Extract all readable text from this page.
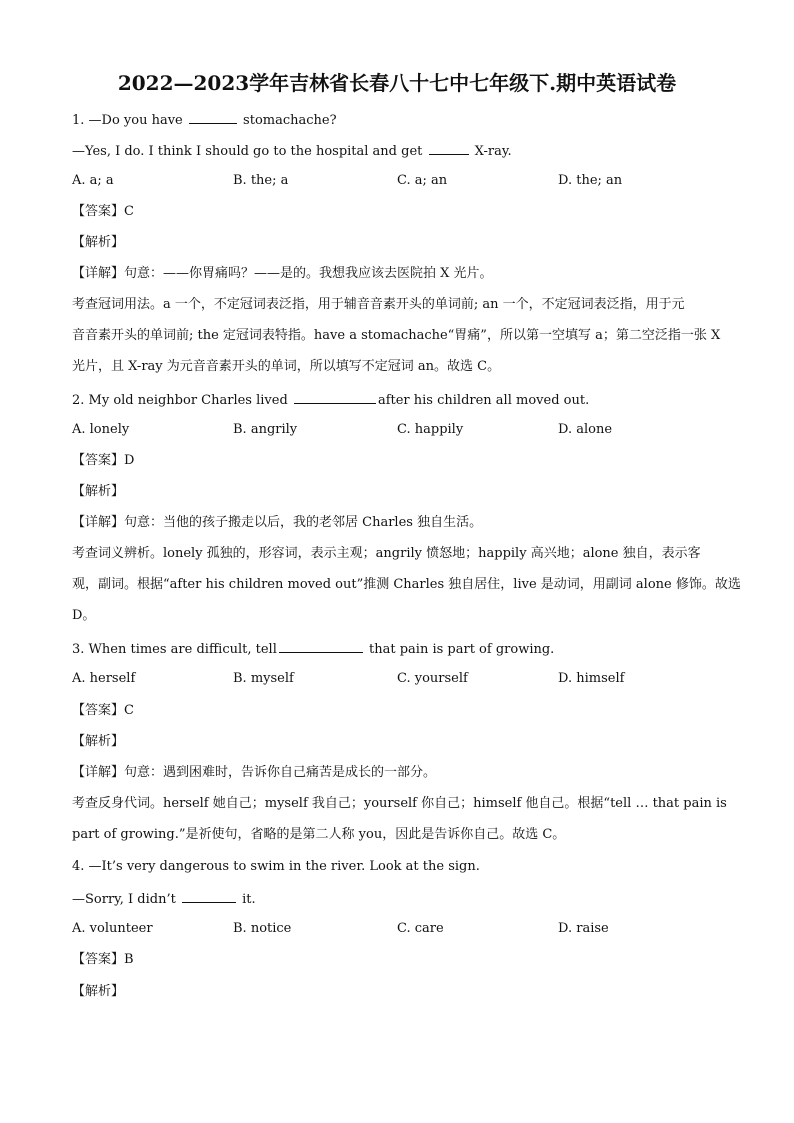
2022—2023学年吉林省长春八十七中七年级下.期中英语试卷
1. —Do you have	stomachache?
—Yes, I do. I think I should go to the hospital and get	X-ray.
A. a; a	B. the; a	C. a; an	D. the; an
【答案】C
【解析】
【详解】句意：——你胃痛吗？——是的。我想我应该去医院拍 X 光片。
考查冠词用法。a 一个，不定冠词表泛指，用于辅音音素开头的单词前; an 一个，不定冠词表泛指，用于元
音音素开头的单词前; the 定冠词表特指。have a stomachache“胃痛”，所以第一空填写 a；第二空泛指一张 X
光片，且 X-ray 为元音音素开头的单词，所以填写不定冠词 an。故选 C。
2. My old neighbor Charles lived	after his children all moved out.
A. lonely	B. angrily	C. happily	D. alone
【答案】D
【解析】
【详解】句意：当他的孩子搬走以后，我的老邻居 Charles 独自生活。
考查词义辨析。lonely 孤独的，形容词，表示主观；angrily 愤怒地；happily 高兴地；alone 独自，表示客
观，副词。根据“after his children moved out”推测 Charles 独自居住，live 是动词，用副词 alone 修饰。故选
D。
3. When times are difficult, tell	that pain is part of growing.
A. herself	B. myself	C. yourself	D. himself
【答案】C
【解析】
【详解】句意：遇到困难时，告诉你自己痛苦是成长的一部分。
考查反身代词。herself 她自己；myself 我自己；yourself 你自己；himself 他自己。根据“tell … that pain is
part of growing.”是祈使句，省略的是第二人称 you，因此是告诉你自己。故选 C。
4. —It’s very dangerous to swim in the river. Look at the sign.
—Sorry, I didn’t	it.
A. volunteer	B. notice	C. care	D. raise
【答案】B
【解析】
